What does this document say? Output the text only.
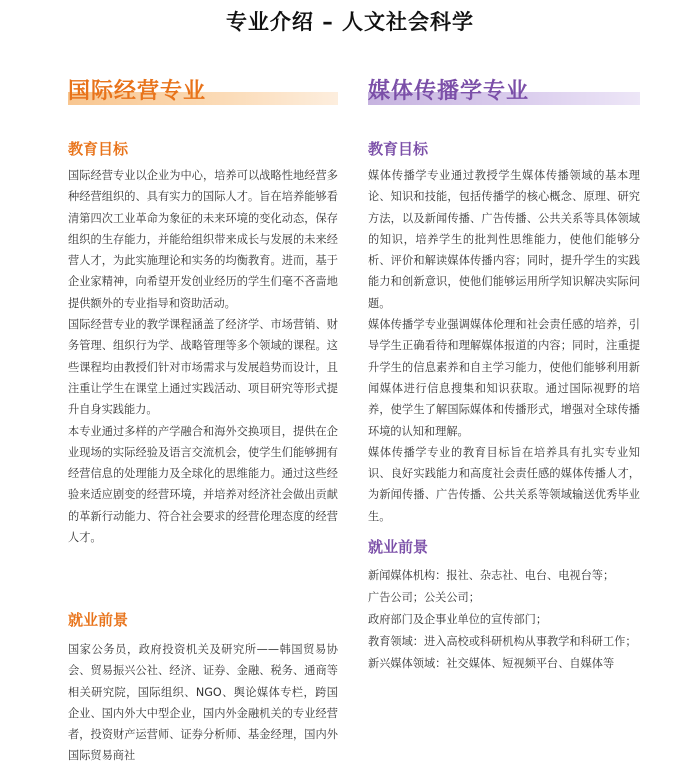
专业介绍 – 人文社会科学
国际经营专业
教育目标

国际经营专业以企业为中心，培养可以战略性地经营多种经营组织的、具有实力的国际人才。旨在培养能够看清第四次工业革命为象征的未来环境的变化动态，保存组织的生存能力，并能给组织带来成长与发展的未来经营人才，为此实施理论和实务的均衡教育。进而，基于企业家精神，向希望开发创业经历的学生们毫不吝啬地提供额外的专业指导和资助活动。

国际经营专业的教学课程涵盖了经济学、市场营销、财务管理、组织行为学、战略管理等多个领域的课程。这些课程均由教授们针对市场需求与发展趋势而设计，且注重让学生在课堂上通过实践活动、项目研究等形式提升自身实践能力。

本专业通过多样的产学融合和海外交换项目，提供在企业现场的实际经验及语言交流机会，使学生们能够拥有经营信息的处理能力及全球化的思维能力。通过这些经验来适应剧变的经营环境，并培养对经济社会做出贡献的革新行动能力、符合社会要求的经营伦理态度的经营人才。

就业前景

国家公务员，政府投资机关及研究所——韩国贸易协会、贸易振兴公社、经济、证券、金融、税务、通商等相关研究院，国际组织、NGO、舆论媒体专栏，跨国企业、国内外大中型企业，国内外金融机关的专业经营者，投资财产运营师、证券分析师、基金经理，国内外国际贸易商社

媒体传播学专业
教育目标

媒体传播学专业通过教授学生媒体传播领域的基本理论、知识和技能，包括传播学的核心概念、原理、研究方法，以及新闻传播、广告传播、公共关系等具体领域的知识，培养学生的批判性思维能力，使他们能够分析、评价和解读媒体传播内容；同时，提升学生的实践能力和创新意识，使他们能够运用所学知识解决实际问题。

媒体传播学专业强调媒体伦理和社会责任感的培养，引导学生正确看待和理解媒体报道的内容；同时，注重提升学生的信息素养和自主学习能力，使他们能够利用新闻媒体进行信息搜集和知识获取。通过国际视野的培养，使学生了解国际媒体和传播形式，增强对全球传播环境的认知和理解。

媒体传播学专业的教育目标旨在培养具有扎实专业知识、良好实践能力和高度社会责任感的媒体传播人才，为新闻传播、广告传播、公共关系等领域输送优秀毕业生。

就业前景

新闻媒体机构：报社、杂志社、电台、电视台等；

广告公司；公关公司；

政府部门及企事业单位的宣传部门；

教育领域：进入高校或科研机构从事教学和科研工作；

新兴媒体领域：社交媒体、短视频平台、自媒体等
